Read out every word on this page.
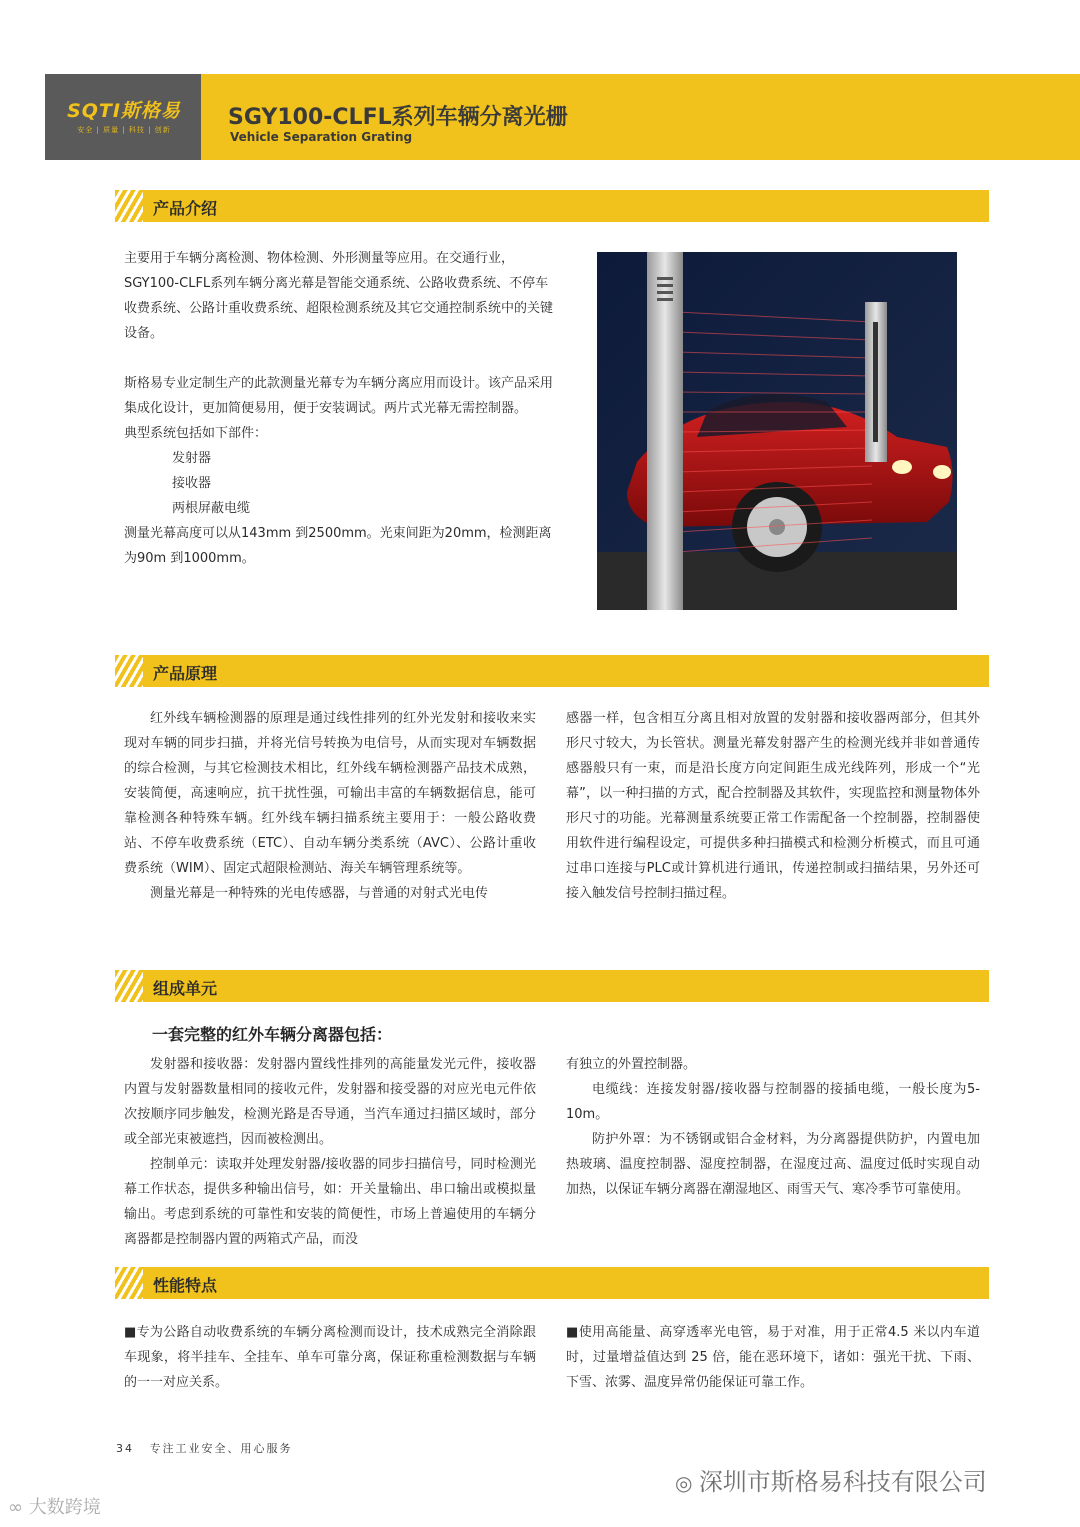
SQTI斯格易
安全 | 质量 | 科技 | 创新	SGY100-CLFL系列车辆分离光栅
Vehicle Separation Grating
产品介绍

主要用于车辆分离检测、物体检测、外形测量等应用。在交通行业，SGY100-CLFL系列车辆分离光幕是智能交通系统、公路收费系统、不停车收费系统、公路计重收费系统、超限检测系统及其它交通控制系统中的关键设备。

斯格易专业定制生产的此款测量光幕专为车辆分离应用而设计。该产品采用集成化设计，更加简便易用，便于安装调试。两片式光幕无需控制器。

典型系统包括如下部件：

发射器

接收器

两根屏蔽电缆

测量光幕高度可以从143mm 到2500mm。光束间距为20mm，检测距离为90m 到1000mm。

产品原理

红外线车辆检测器的原理是通过线性排列的红外光发射和接收来实现对车辆的同步扫描，并将光信号转换为电信号，从而实现对车辆数据的综合检测，与其它检测技术相比，红外线车辆检测器产品技术成熟，安装简便，高速响应，抗干扰性强，可输出丰富的车辆数据信息，能可靠检测各种特殊车辆。红外线车辆扫描系统主要用于：一般公路收费站、不停车收费系统（ETC）、自动车辆分类系统（AVC）、公路计重收费系统（WIM）、固定式超限检测站、海关车辆管理系统等。

测量光幕是一种特殊的光电传感器，与普通的对射式光电传

感器一样，包含相互分离且相对放置的发射器和接收器两部分，但其外形尺寸较大，为长管状。测量光幕发射器产生的检测光线并非如普通传感器般只有一束，而是沿长度方向定间距生成光线阵列，形成一个“光幕”，以一种扫描的方式，配合控制器及其软件，实现监控和测量物体外形尺寸的功能。光幕测量系统要正常工作需配备一个控制器，控制器使用软件进行编程设定，可提供多种扫描模式和检测分析模式，而且可通过串口连接与PLC或计算机进行通讯，传递控制或扫描结果，另外还可接入触发信号控制扫描过程。

组成单元
一套完整的红外车辆分离器包括：

发射器和接收器：发射器内置线性排列的高能量发光元件，接收器内置与发射器数量相同的接收元件，发射器和接受器的对应光电元件依次按顺序同步触发，检测光路是否导通，当汽车通过扫描区域时，部分或全部光束被遮挡，因而被检测出。

控制单元：读取并处理发射器/接收器的同步扫描信号，同时检测光幕工作状态，提供多种输出信号，如：开关量输出、串口输出或模拟量输出。考虑到系统的可靠性和安装的简便性，市场上普遍使用的车辆分离器都是控制器内置的两箱式产品，而没

有独立的外置控制器。

电缆线：连接发射器/接收器与控制器的接插电缆，一般长度为5-10m。

防护外罩：为不锈钢或铝合金材料，为分离器提供防护，内置电加热玻璃、温度控制器、湿度控制器，在湿度过高、温度过低时实现自动加热，以保证车辆分离器在潮湿地区、雨雪天气、寒冷季节可靠使用。

性能特点

■专为公路自动收费系统的车辆分离检测而设计，技术成熟完全消除跟车现象，将半挂车、全挂车、单车可靠分离，保证称重检测数据与车辆的一一对应关系。

■使用高能量、高穿透率光电管，易于对准，用于正常4.5 米以内车道时，过量增益值达到 25 倍，能在恶环境下，诸如：强光干扰、下雨、下雪、浓雾、温度异常仍能保证可靠工作。

34 专注工业安全、用心服务
◎ 深圳市斯格易科技有限公司
∞ 大数跨境
